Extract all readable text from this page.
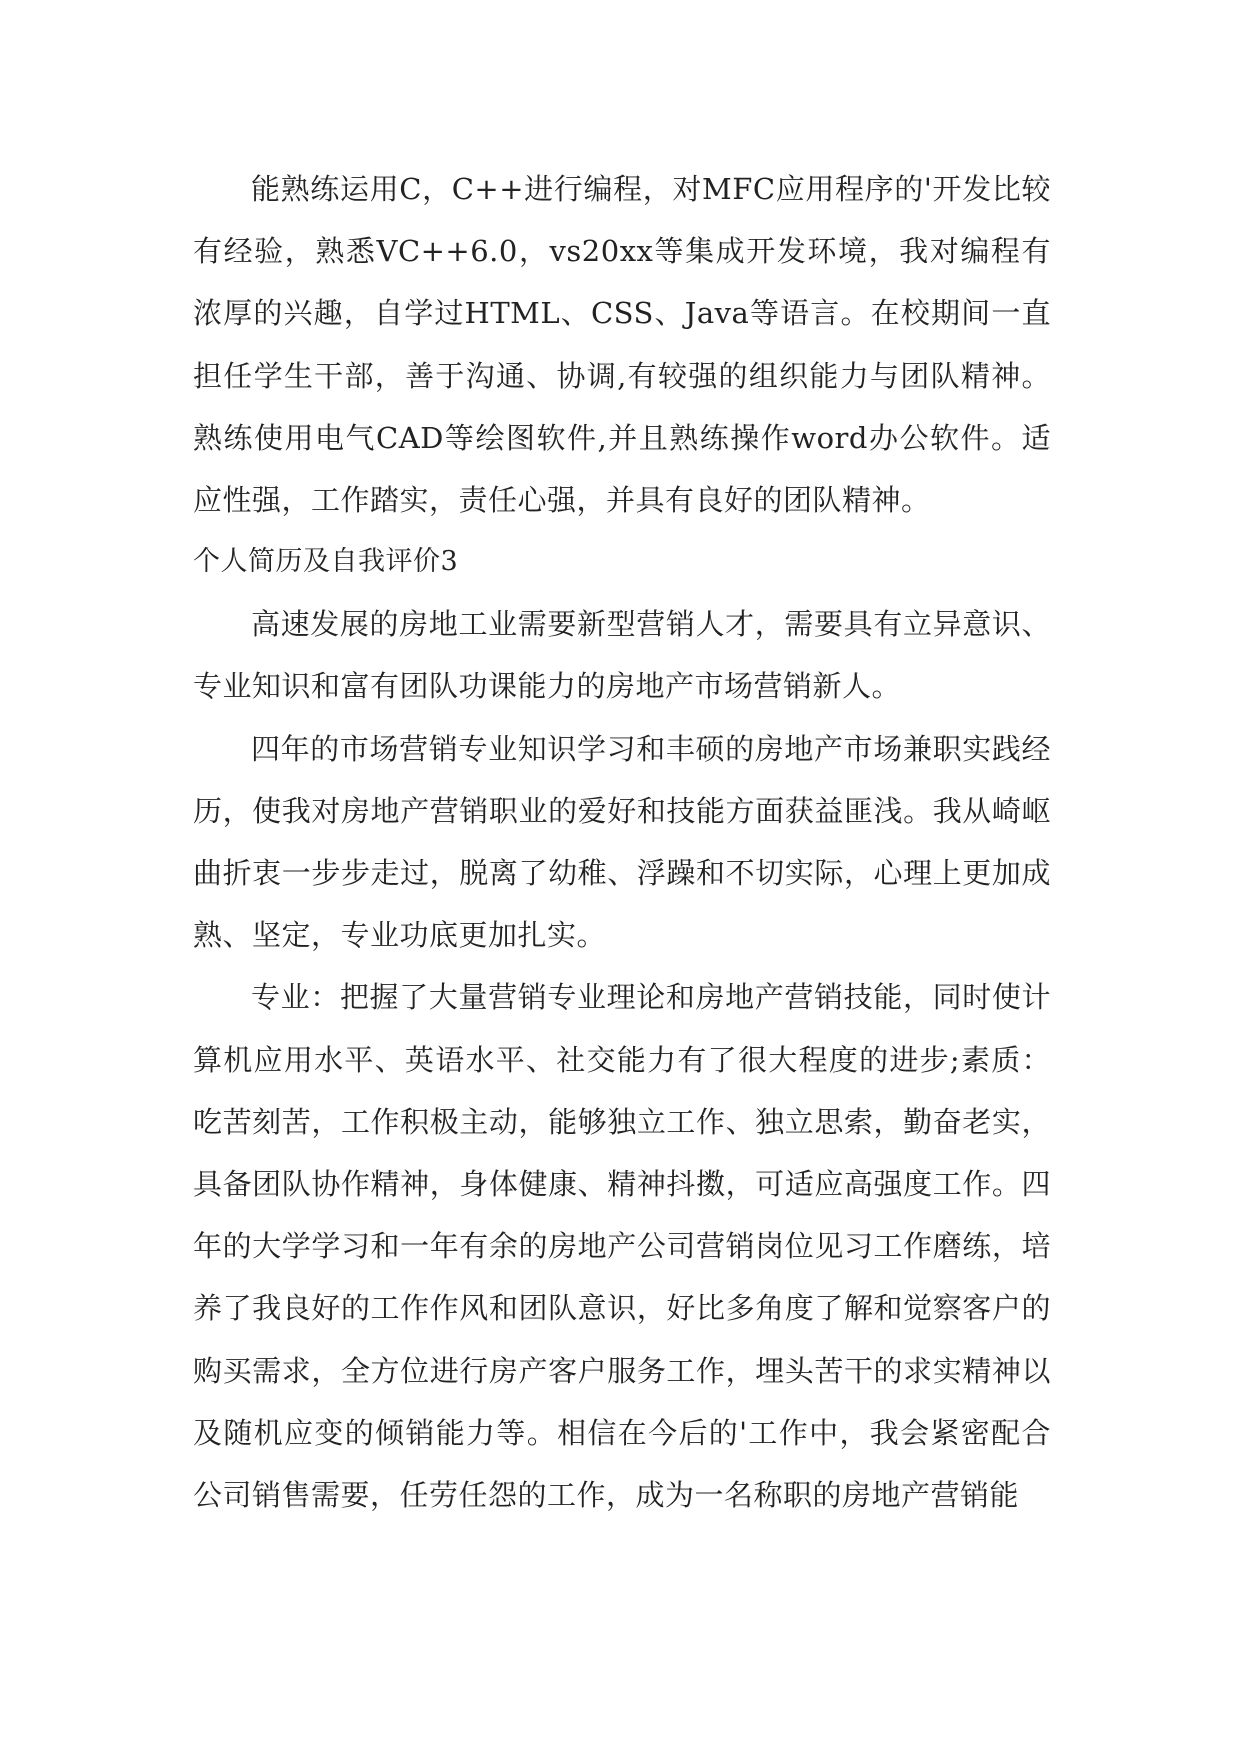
能熟练运用C，C++进行编程，对MFC应用程序的'开发比较有经验，熟悉VC++6.0，vs20xx等集成开发环境，我对编程有浓厚的兴趣，自学过HTML、CSS、Java等语言。在校期间一直担任学生干部，善于沟通、协调,有较强的组织能力与团队精神。熟练使用电气CAD等绘图软件,并且熟练操作word办公软件。适应性强，工作踏实，责任心强，并具有良好的团队精神。

个人简历及自我评价3

高速发展的房地工业需要新型营销人才，需要具有立异意识、专业知识和富有团队功课能力的房地产市场营销新人。

四年的市场营销专业知识学习和丰硕的房地产市场兼职实践经历，使我对房地产营销职业的爱好和技能方面获益匪浅。我从崎岖曲折衷一步步走过，脱离了幼稚、浮躁和不切实际，心理上更加成熟、坚定，专业功底更加扎实。

专业：把握了大量营销专业理论和房地产营销技能，同时使计算机应用水平、英语水平、社交能力有了很大程度的进步;素质：吃苦刻苦，工作积极主动，能够独立工作、独立思索，勤奋老实，具备团队协作精神，身体健康、精神抖擞，可适应高强度工作。四年的大学学习和一年有余的房地产公司营销岗位见习工作磨练，培养了我良好的工作作风和团队意识，好比多角度了解和觉察客户的购买需求，全方位进行房产客户服务工作，埋头苦干的求实精神以及随机应变的倾销能力等。相信在今后的'工作中，我会紧密配合公司销售需要，任劳任怨的工作，成为一名称职的房地产营销能
